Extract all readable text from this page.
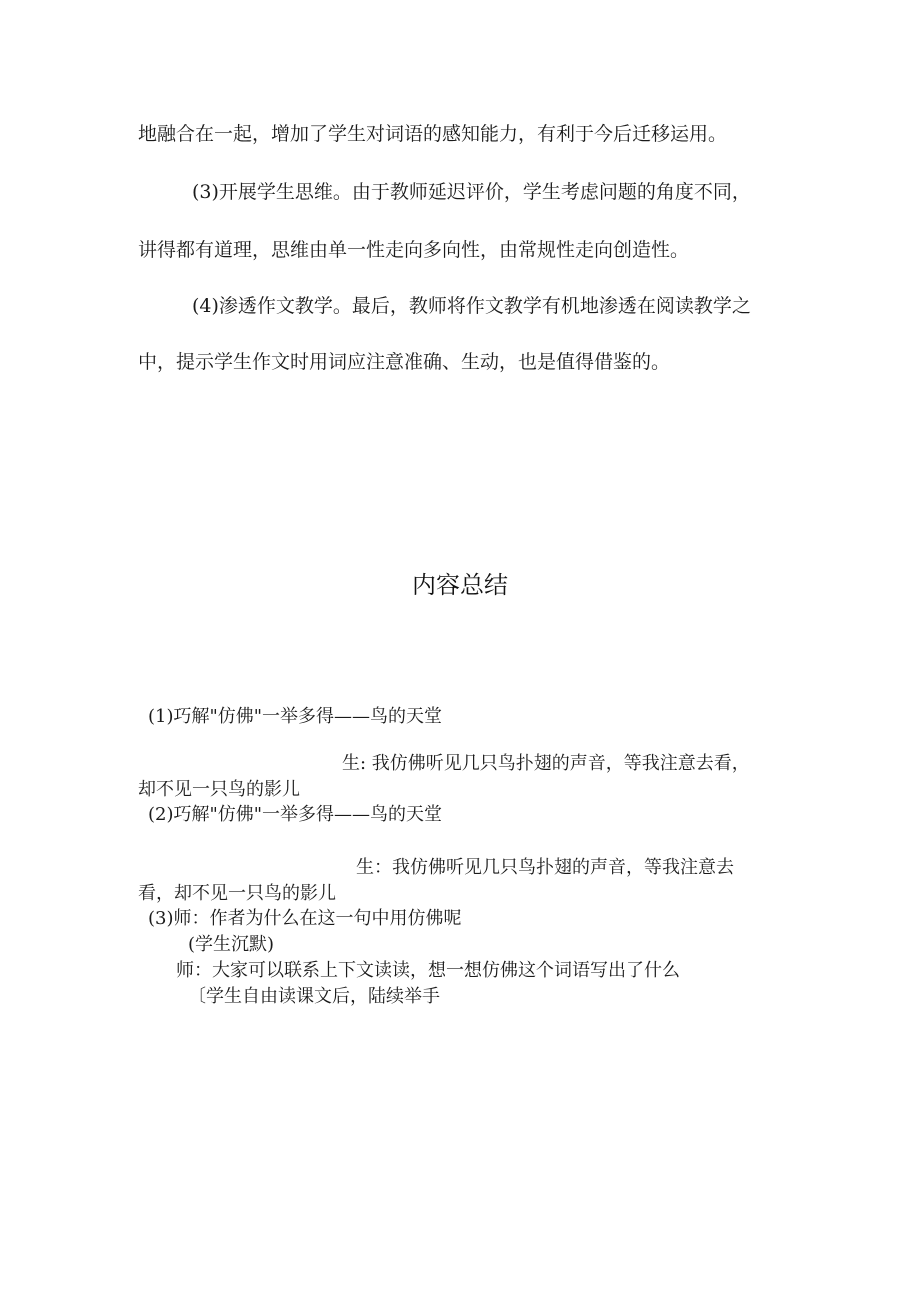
地融合在一起，增加了学生对词语的感知能力，有利于今后迁移运用。
(3)开展学生思维。由于教师延迟评价，学生考虑问题的角度不同，
讲得都有道理，思维由单一性走向多向性，由常规性走向创造性。
(4)渗透作文教学。最后，教师将作文教学有机地渗透在阅读教学之
中，提示学生作文时用词应注意准确、生动，也是值得借鉴的。
内容总结
(1)巧解"仿佛"一举多得——鸟的天堂
生: 我仿佛听见几只鸟扑翅的声音，等我注意去看，
却不见一只鸟的影儿
(2)巧解"仿佛"一举多得——鸟的天堂
生：我仿佛听见几只鸟扑翅的声音，等我注意去
看，却不见一只鸟的影儿
(3)师：作者为什么在这一句中用仿佛呢
(学生沉默)
师：大家可以联系上下文读读，想一想仿佛这个词语写出了什么
〔学生自由读课文后，陆续举手
